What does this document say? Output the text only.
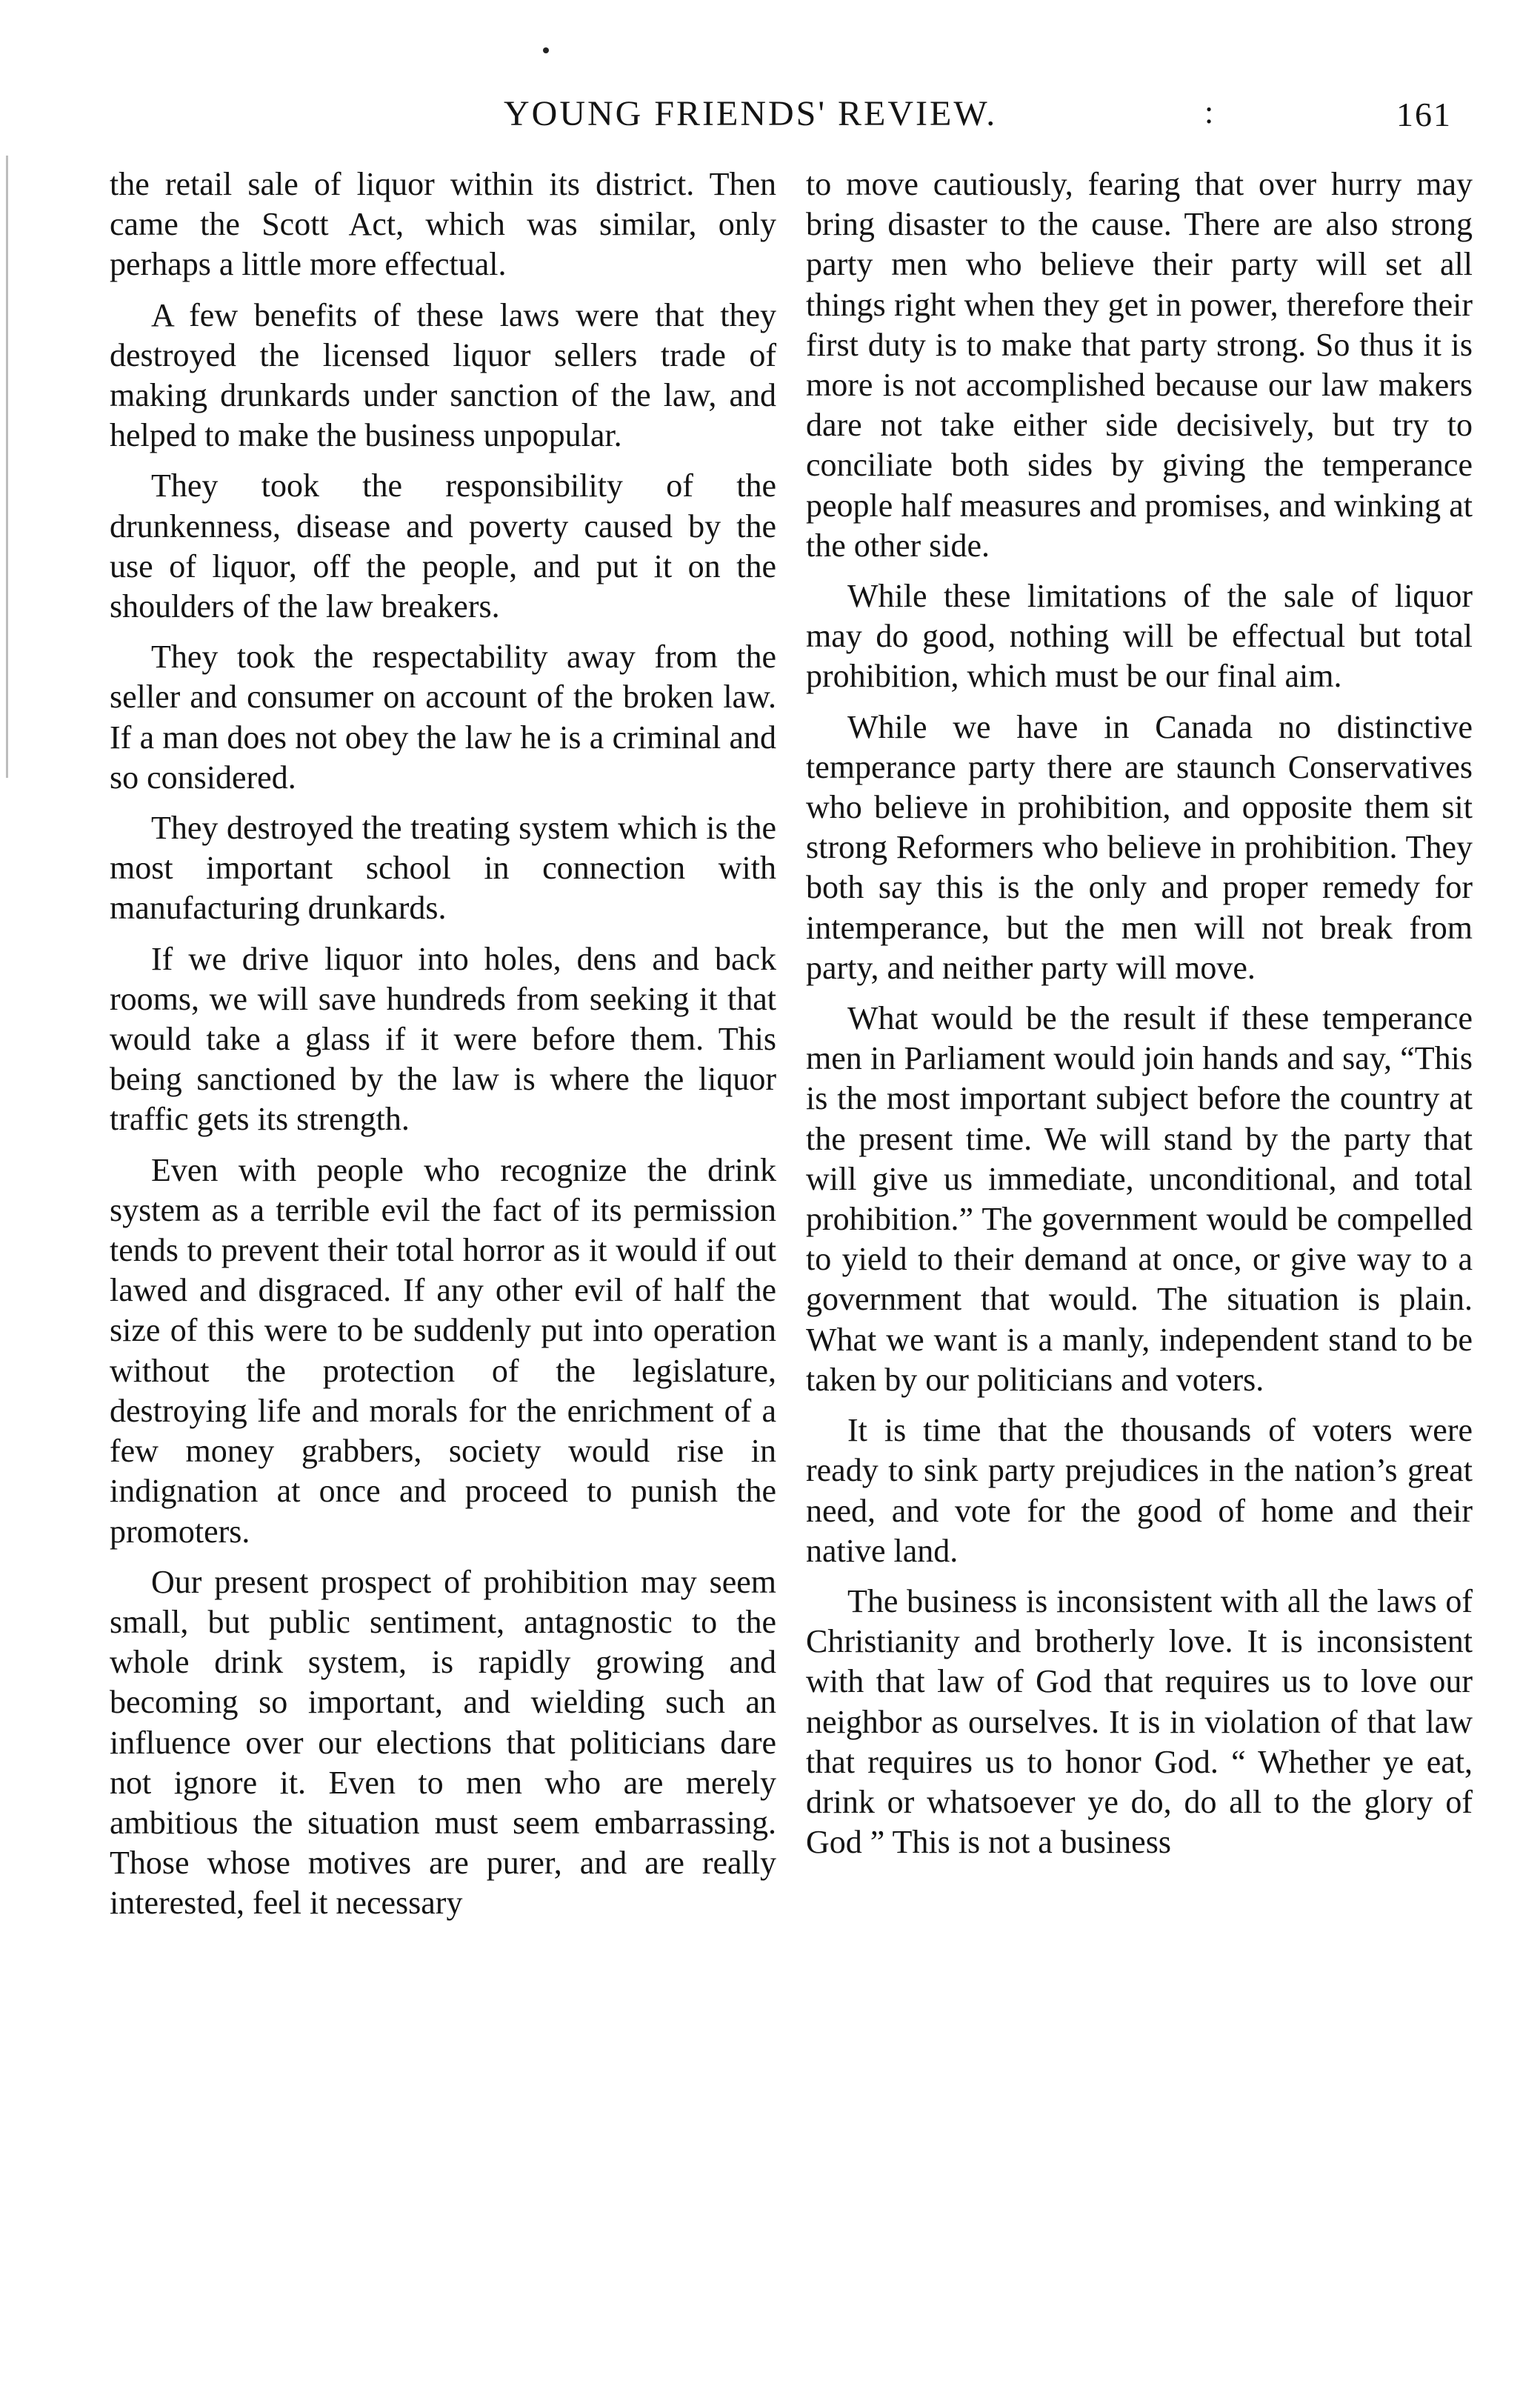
YOUNG FRIENDS' REVIEW.	:	161

the retail sale of liquor within its district. Then came the Scott Act, which was similar, only perhaps a little more effectual.

A few benefits of these laws were that they destroyed the licensed liquor sellers trade of making drunkards under sanction of the law, and helped to make the business unpopular.

They took the responsibility of the drunkenness, disease and poverty caused by the use of liquor, off the people, and put it on the shoulders of the law breakers.

They took the respectability away from the seller and consumer on account of the broken law. If a man does not obey the law he is a criminal and so considered.

They destroyed the treating system which is the most important school in connection with manufacturing drunkards.

If we drive liquor into holes, dens and back rooms, we will save hundreds from seeking it that would take a glass if it were before them. This being sanctioned by the law is where the liquor traffic gets its strength.

Even with people who recognize the drink system as a terrible evil the fact of its permission tends to prevent their total horror as it would if out lawed and disgraced. If any other evil of half the size of this were to be suddenly put into operation without the protection of the legislature, destroying life and morals for the enrichment of a few money grabbers, society would rise in indignation at once and proceed to punish the promoters.

Our present prospect of prohibition may seem small, but public sentiment, antagnostic to the whole drink system, is rapidly growing and becoming so important, and wielding such an influence over our elections that politicians dare not ignore it. Even to men who are merely ambitious the situation must seem embarrassing. Those whose motives are purer, and are really interested, feel it necessary

to move cautiously, fearing that over hurry may bring disaster to the cause. There are also strong party men who believe their party will set all things right when they get in power, therefore their first duty is to make that party strong. So thus it is more is not accomplished because our law makers dare not take either side decisively, but try to conciliate both sides by giving the temperance people half measures and promises, and winking at the other side.

While these limitations of the sale of liquor may do good, nothing will be effectual but total prohibition, which must be our final aim.

While we have in Canada no distinctive temperance party there are staunch Conservatives who believe in prohibition, and opposite them sit strong Reformers who believe in prohibition. They both say this is the only and proper remedy for intemperance, but the men will not break from party, and neither party will move.

What would be the result if these temperance men in Parliament would join hands and say, “This is the most important subject before the country at the present time. We will stand by the party that will give us immediate, unconditional, and total prohibition.” The government would be compelled to yield to their demand at once, or give way to a government that would. The situation is plain. What we want is a manly, independent stand to be taken by our politicians and voters.

It is time that the thousands of voters were ready to sink party prejudices in the nation’s great need, and vote for the good of home and their native land.

The business is inconsistent with all the laws of Christianity and brotherly love. It is inconsistent with that law of God that requires us to love our neighbor as ourselves. It is in violation of that law that requires us to honor God. “ Whether ye eat, drink or whatsoever ye do, do all to the glory of God ” This is not a business
